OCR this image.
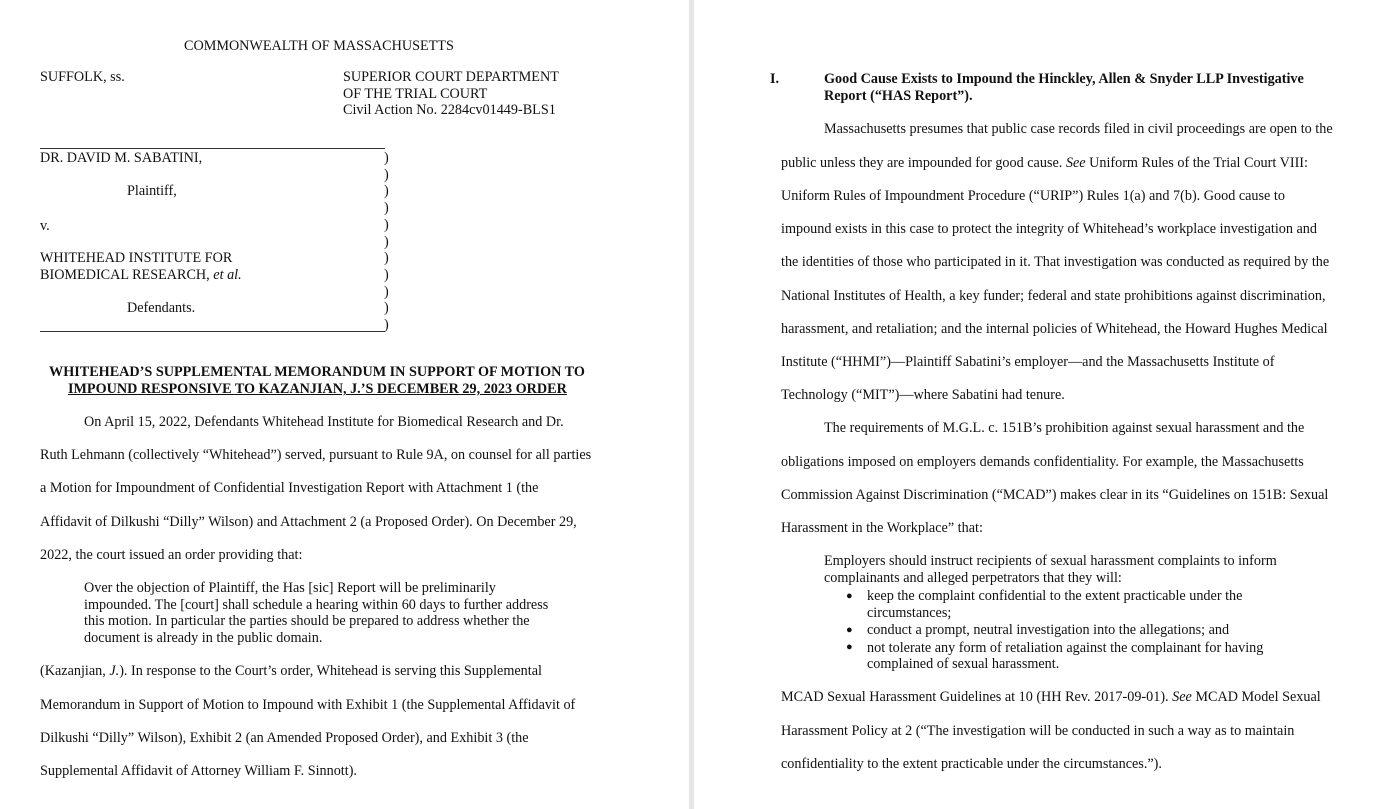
COMMONWEALTH OF MASSACHUSETTS
SUFFOLK, ss.	SUPERIOR COURT DEPARTMENT
OF THE TRIAL COURT
Civil Action No. 2284cv01449-BLS1
DR. DAVID M. SABATINI,
Plaintiff,
v.
WHITEHEAD INSTITUTE FOR
BIOMEDICAL RESEARCH, et al.
Defendants.
)
)
)
)
)
)
)
)
)
)
)
WHITEHEAD’S SUPPLEMENTAL MEMORANDUM IN SUPPORT OF MOTION TO
IMPOUND RESPONSIVE TO KAZANJIAN, J.’S DECEMBER 29, 2023 ORDER
On April 15, 2022, Defendants Whitehead Institute for Biomedical Research and Dr.
Ruth Lehmann (collectively “Whitehead”) served, pursuant to Rule 9A, on counsel for all parties
a Motion for Impoundment of Confidential Investigation Report with Attachment 1 (the
Affidavit of Dilkushi “Dilly” Wilson) and Attachment 2 (a Proposed Order). On December 29,
2022, the court issued an order providing that:
Over the objection of Plaintiff, the Has [sic] Report will be preliminarily
impounded. The [court] shall schedule a hearing within 60 days to further address
this motion. In particular the parties should be prepared to address whether the
document is already in the public domain.
(Kazanjian, J.). In response to the Court’s order, Whitehead is serving this Supplemental
Memorandum in Support of Motion to Impound with Exhibit 1 (the Supplemental Affidavit of
Dilkushi “Dilly” Wilson), Exhibit 2 (an Amended Proposed Order), and Exhibit 3 (the
Supplemental Affidavit of Attorney William F. Sinnott).
I.	Good Cause Exists to Impound the Hinckley, Allen & Snyder LLP Investigative
Report (“HAS Report”).
Massachusetts presumes that public case records filed in civil proceedings are open to the
public unless they are impounded for good cause. See Uniform Rules of the Trial Court VIII:
Uniform Rules of Impoundment Procedure (“URIP”) Rules 1(a) and 7(b). Good cause to
impound exists in this case to protect the integrity of Whitehead’s workplace investigation and
the identities of those who participated in it. That investigation was conducted as required by the
National Institutes of Health, a key funder; federal and state prohibitions against discrimination,
harassment, and retaliation; and the internal policies of Whitehead, the Howard Hughes Medical
Institute (“HHMI”)—Plaintiff Sabatini’s employer—and the Massachusetts Institute of
Technology (“MIT”)—where Sabatini had tenure.
The requirements of M.G.L. c. 151B’s prohibition against sexual harassment and the
obligations imposed on employers demands confidentiality. For example, the Massachusetts
Commission Against Discrimination (“MCAD”) makes clear in its “Guidelines on 151B: Sexual
Harassment in the Workplace” that:
Employers should instruct recipients of sexual harassment complaints to inform
complainants and alleged perpetrators that they will:
● keep the complaint confidential to the extent practicable under the
circumstances;
● conduct a prompt, neutral investigation into the allegations; and
● not tolerate any form of retaliation against the complainant for having
complained of sexual harassment.
MCAD Sexual Harassment Guidelines at 10 (HH Rev. 2017-09-01). See MCAD Model Sexual
Harassment Policy at 2 (“The investigation will be conducted in such a way as to maintain
confidentiality to the extent practicable under the circumstances.”).
